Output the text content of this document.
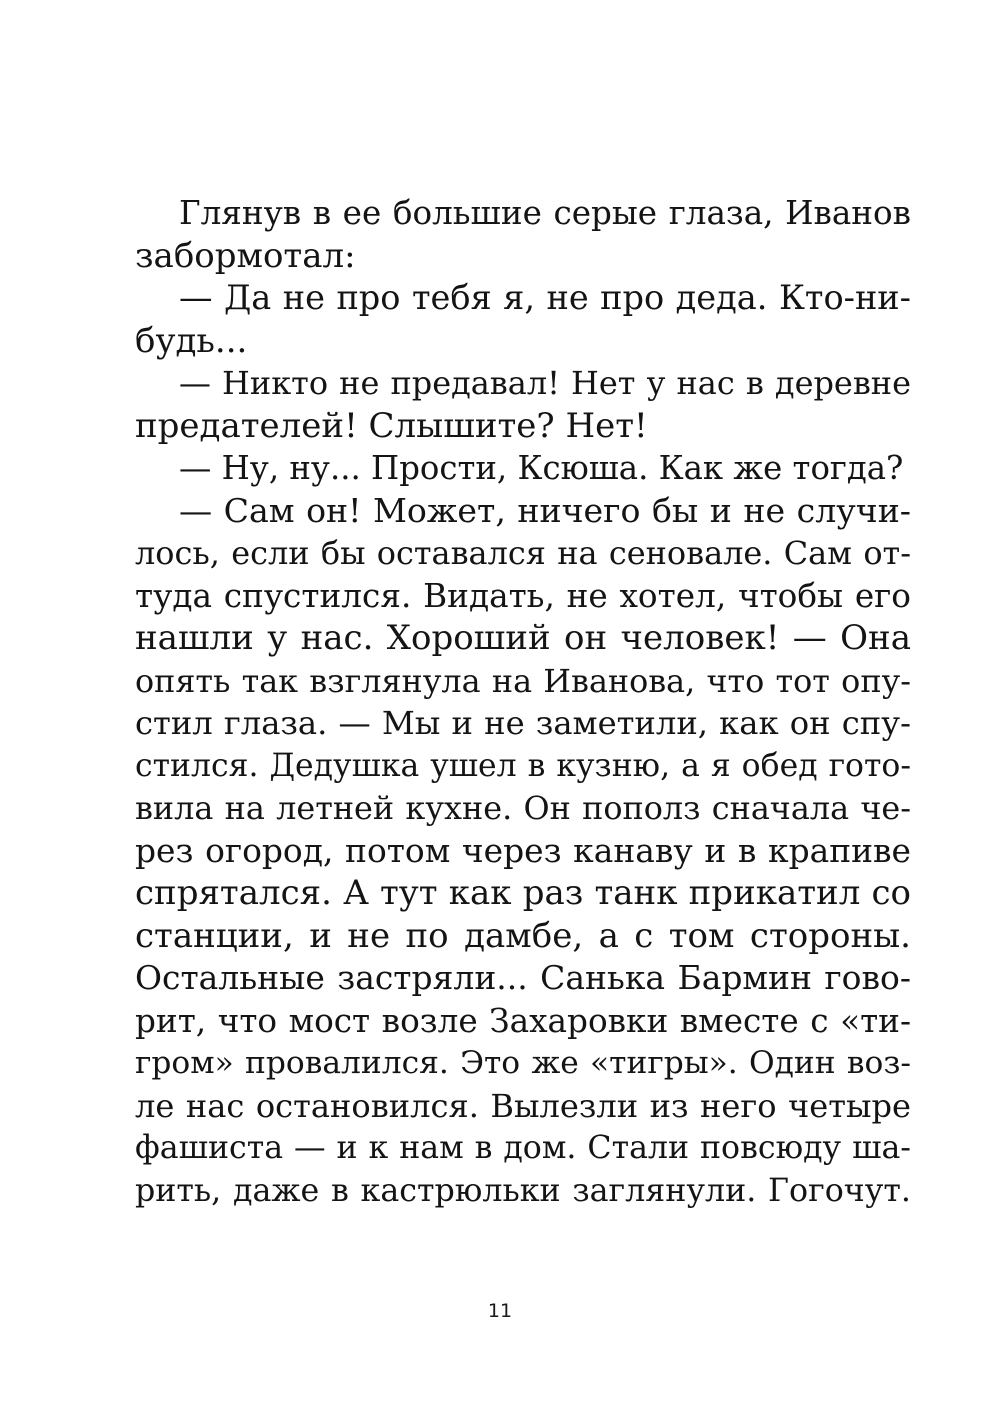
Глянув в ее большие серые глаза, Иванов
забормотал:
— Да не про тебя я, не про деда. Кто-ни-
будь...
— Никто не предавал! Нет у нас в деревне
предателей! Слышите? Нет!
— Ну, ну... Прости, Ксюша. Как же тогда?
— Сам он! Может, ничего бы и не случи-
лось, если бы оставался на сеновале. Сам от-
туда спустился. Видать, не хотел, чтобы его
нашли у нас. Хороший он человек! — Она
опять так взглянула на Иванова, что тот опу-
стил глаза. — Мы и не заметили, как он спу-
стился. Дедушка ушел в кузню, а я обед гото-
вила на летней кухне. Он пополз сначала че-
рез огород, потом через канаву и в крапиве
спрятался. А тут как раз танк прикатил со
станции, и не по дамбе, а с том стороны.
Остальные застряли... Санька Бармин гово-
рит, что мост возле Захаровки вместе с «ти-
гром» провалился. Это же «тигры». Один воз-
ле нас остановился. Вылезли из него четыре
фашиста — и к нам в дом. Стали повсюду ша-
рить, даже в кастрюльки заглянули. Гогочут.
11
